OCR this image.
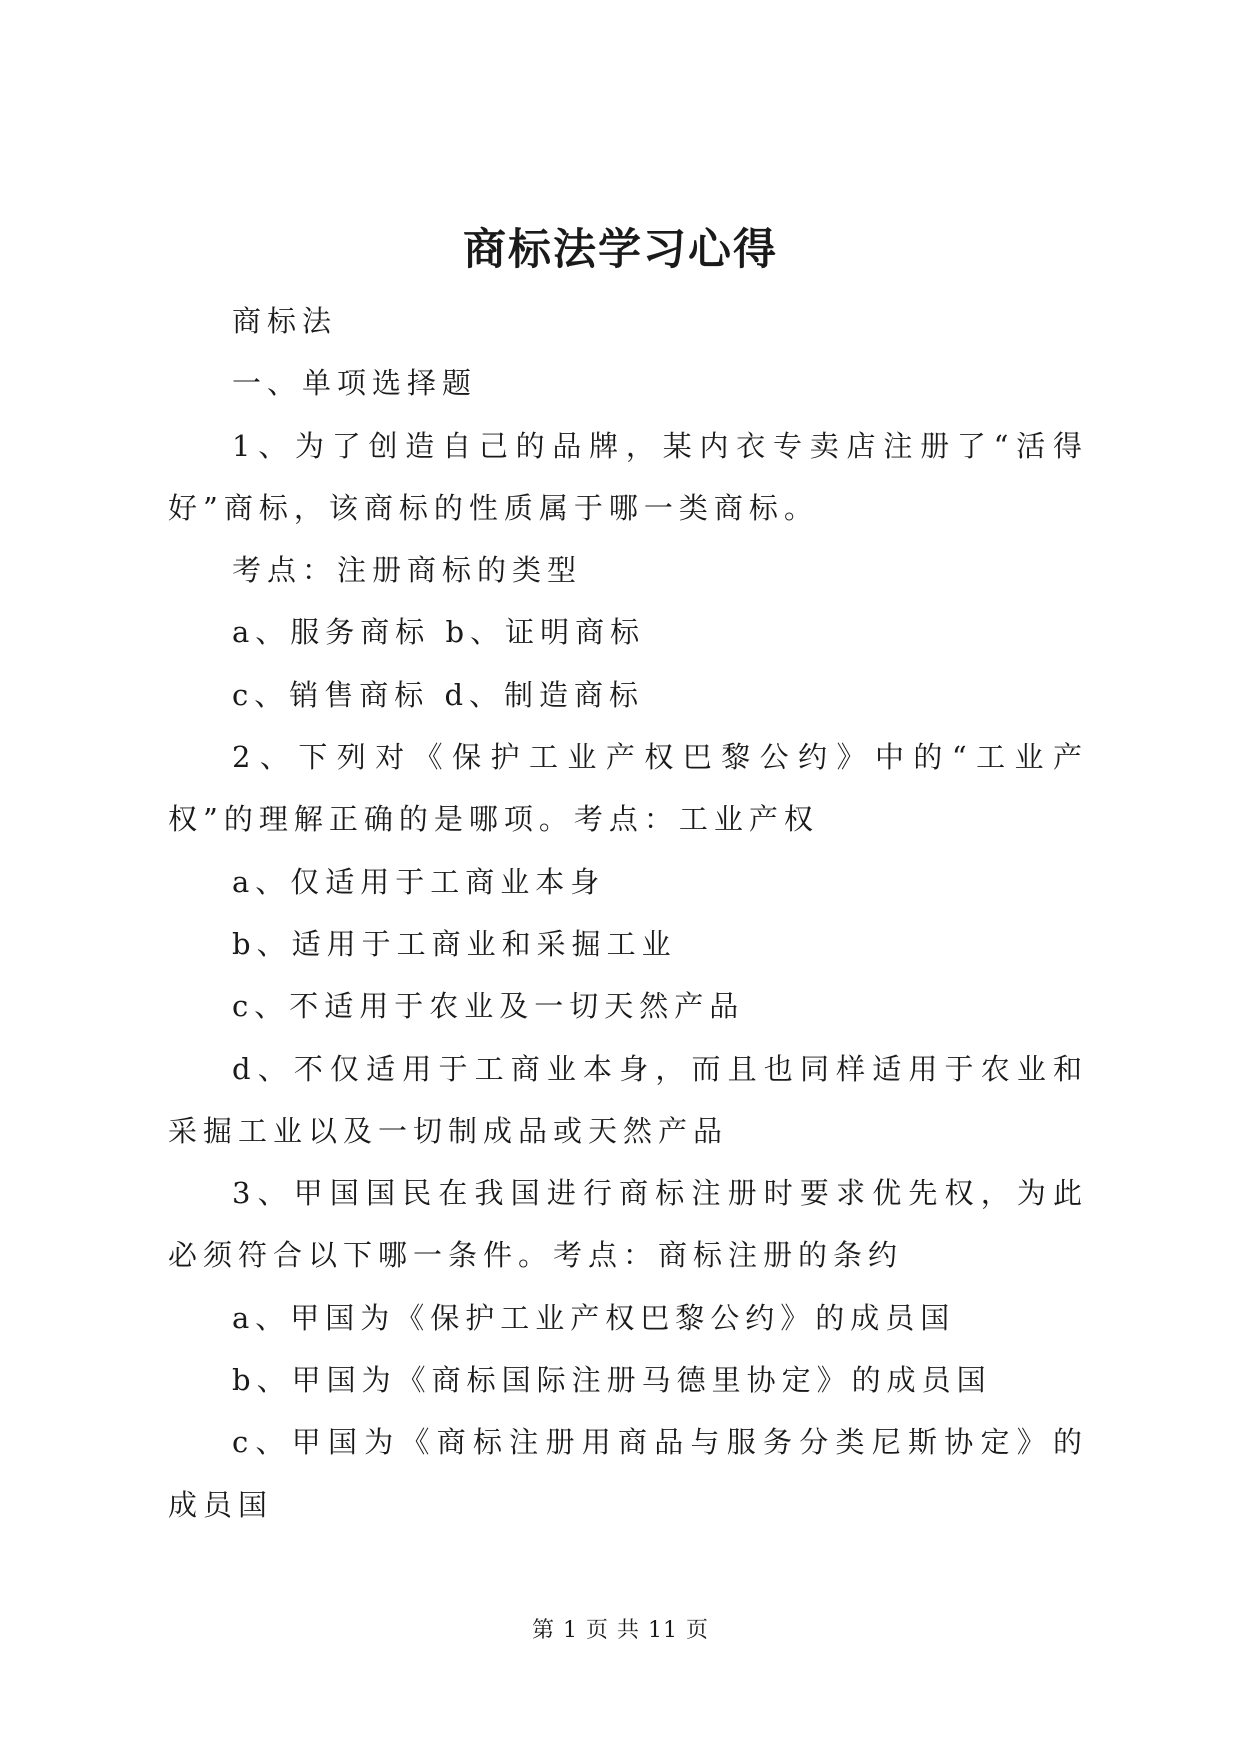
商标法学习心得

商标法

一、单项选择题

1、为了创造自己的品牌，某内衣专卖店注册了“活得好”商标，该商标的性质属于哪一类商标。

考点：注册商标的类型

a、服务商标 b、证明商标

c、销售商标 d、制造商标

2、下列对《保护工业产权巴黎公约》中的“工业产权”的理解正确的是哪项。考点：工业产权

a、仅适用于工商业本身

b、适用于工商业和采掘工业

c、不适用于农业及一切天然产品

d、不仅适用于工商业本身，而且也同样适用于农业和采掘工业以及一切制成品或天然产品

3、甲国国民在我国进行商标注册时要求优先权，为此必须符合以下哪一条件。考点：商标注册的条约

a、甲国为《保护工业产权巴黎公约》的成员国

b、甲国为《商标国际注册马德里协定》的成员国

c、甲国为《商标注册用商品与服务分类尼斯协定》的成员国

第 1 页 共 11 页
